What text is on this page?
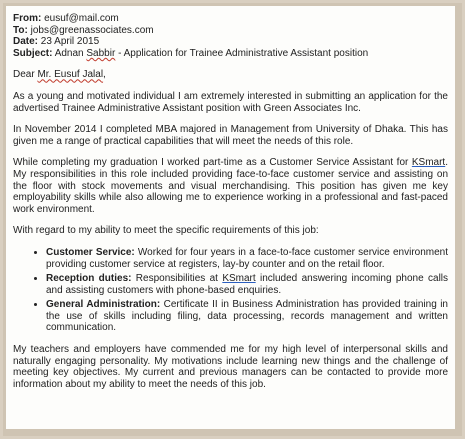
From: eusuf@mail.com
To: jobs@greenassociates.com
Date: 23 April 2015
Subject: Adnan Sabbir - Application for Trainee Administrative Assistant position

Dear Mr. Eusuf Jalal,

As a young and motivated individual I am extremely interested in submitting an application for the advertised Trainee Administrative Assistant position with Green Associates Inc.

In November 2014 I completed MBA majored in Management from University of Dhaka. This has given me a range of practical capabilities that will meet the needs of this role.

While completing my graduation I worked part-time as a Customer Service Assistant for KSmart. My responsibilities in this role included providing face-to-face customer service and assisting on the floor with stock movements and visual merchandising. This position has given me key employability skills while also allowing me to experience working in a professional and fast-paced work environment.

With regard to my ability to meet the specific requirements of this job:

• Customer Service: Worked for four years in a face-to-face customer service environment providing customer service at registers, lay-by counter and on the retail floor.
• Reception duties: Responsibilities at KSmart included answering incoming phone calls and assisting customers with phone-based enquiries.
• General Administration: Certificate II in Business Administration has provided training in the use of skills including filing, data processing, records management and written communication.

My teachers and employers have commended me for my high level of interpersonal skills and naturally engaging personality. My motivations include learning new things and the challenge of meeting key objectives. My current and previous managers can be contacted to provide more information about my ability to meet the needs of this job.
